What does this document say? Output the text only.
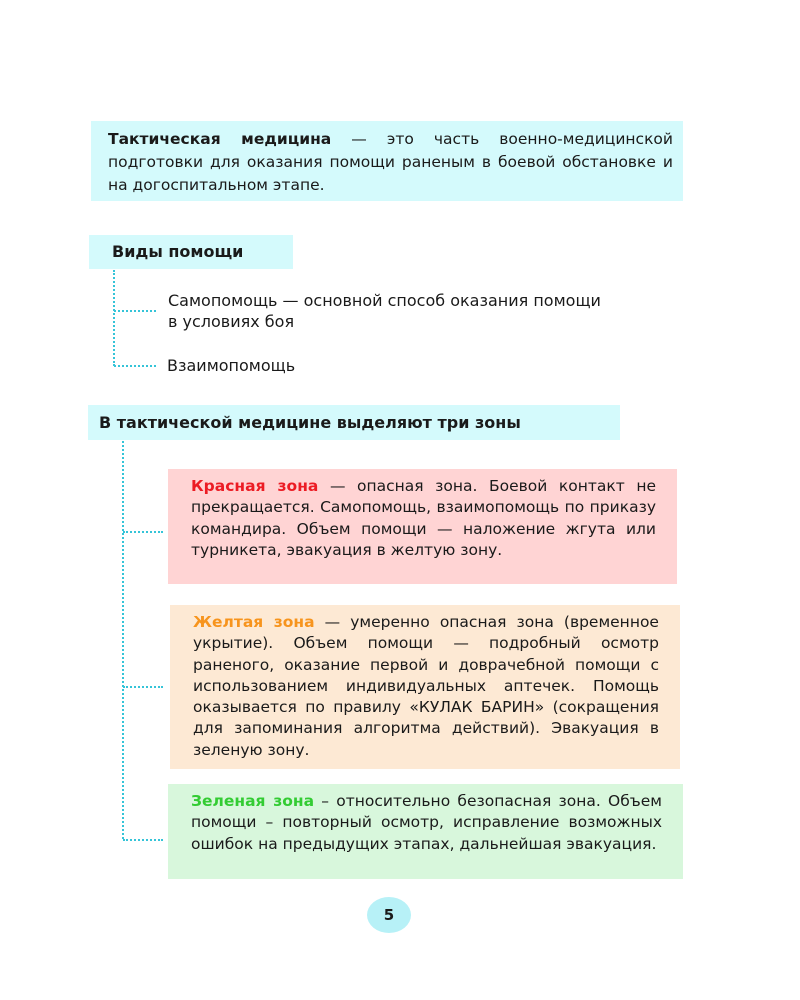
Тактическая медицина — это часть военно-медицинской подготовки для оказания помощи раненым в боевой обстановке и на догоспитальном этапе.
Виды помощи
Самопомощь — основной способ оказания помощи в условиях боя
Взаимопомощь
В тактической медицине выделяют три зоны
Красная зона — опасная зона. Боевой контакт не прекращается. Самопомощь, взаимопомощь по приказу командира. Объем помощи — наложение жгута или турникета, эвакуация в желтую зону.
Желтая зона — умеренно опасная зона (временное укрытие). Объем помощи — подробный осмотр раненого, оказание первой и доврачебной помощи с использованием индивидуальных аптечек. Помощь оказывается по правилу «КУЛАК БАРИН» (сокращения для запоминания алгоритма действий). Эвакуация в зеленую зону.
Зеленая зона – относительно безопасная зона. Объем помощи – повторный осмотр, исправление возможных ошибок на предыдущих этапах, дальнейшая эвакуация.
5
